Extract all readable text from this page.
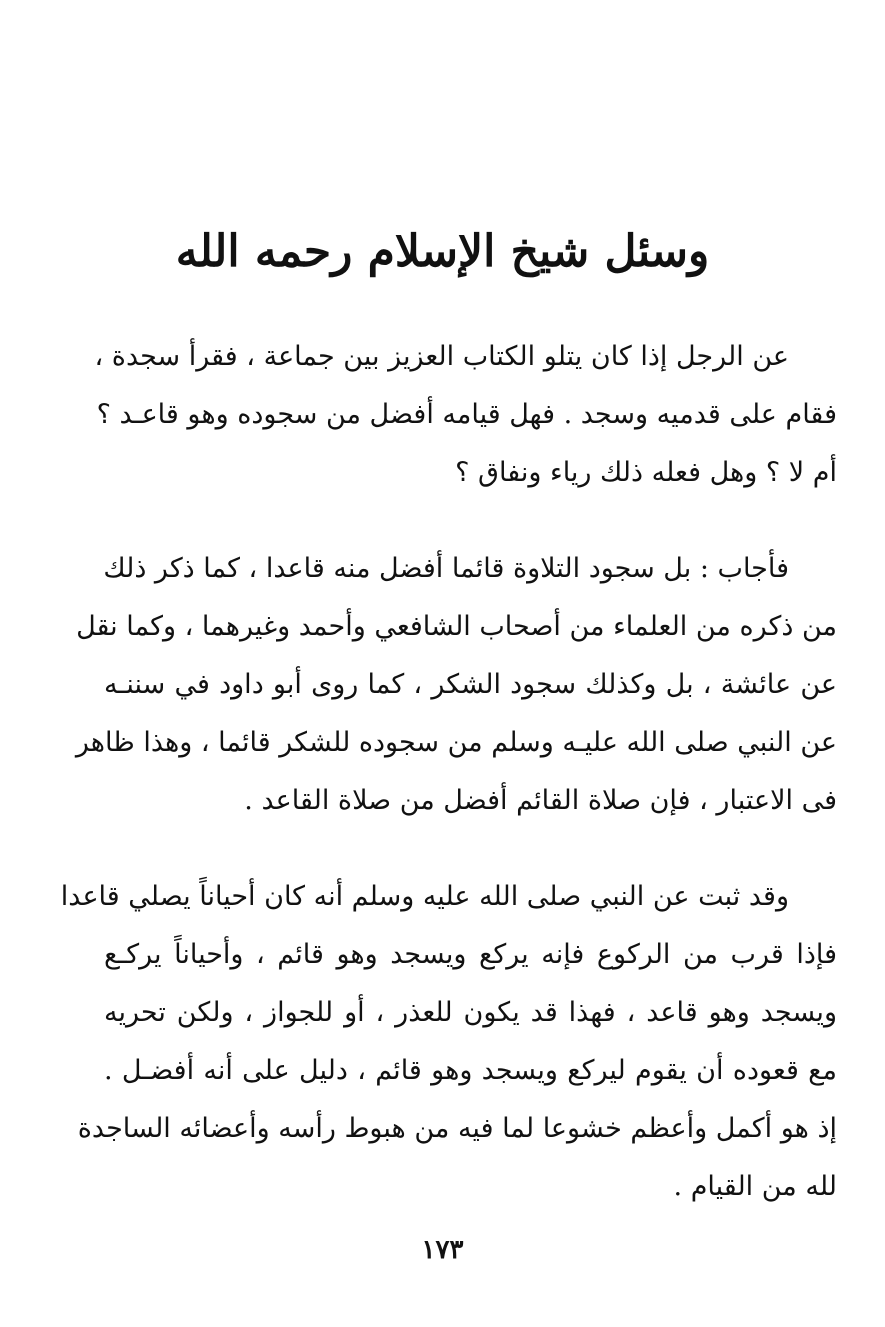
وسئل شيخ الإسلام رحمه الله
عن الرجل إذا كان يتلو الكتاب العزيز بين جماعة ، فقرأ سجدة ،
فقام على قدميه وسجد . فهل قيامه أفضل من سجوده وهو قاعـد ؟
أم لا ؟ وهل فعله ذلك رياء ونفاق ؟
فأجاب : بل سجود التلاوة قائما أفضل منه قاعدا ، كما ذكر ذلك
من ذكره من العلماء من أصحاب الشافعي وأحمد وغيرهما ، وكما نقل
عن عائشة ، بل وكذلك سجود الشكر ، كما روى أبو داود في سننـه
عن النبي صلى الله عليـه وسلم من سجوده للشكر قائما ، وهذا ظاهر
فى الاعتبار ، فإن صلاة القائم أفضل من صلاة القاعد .
وقد ثبت عن النبي صلى الله عليه وسلم أنه كان أحياناً يصلي قاعدا
فإذا قرب من الركوع فإنه يركع ويسجد وهو قائم ، وأحياناً يركـع
ويسجد وهو قاعد ، فهذا قد يكون للعذر ، أو للجواز ، ولكن تحريه
مع قعوده أن يقوم ليركع ويسجد وهو قائم ، دليل على أنه أفضـل .
إذ هو أكمل وأعظم خشوعا لما فيه من هبوط رأسه وأعضائه الساجدة
لله من القيام .
١٧٣
